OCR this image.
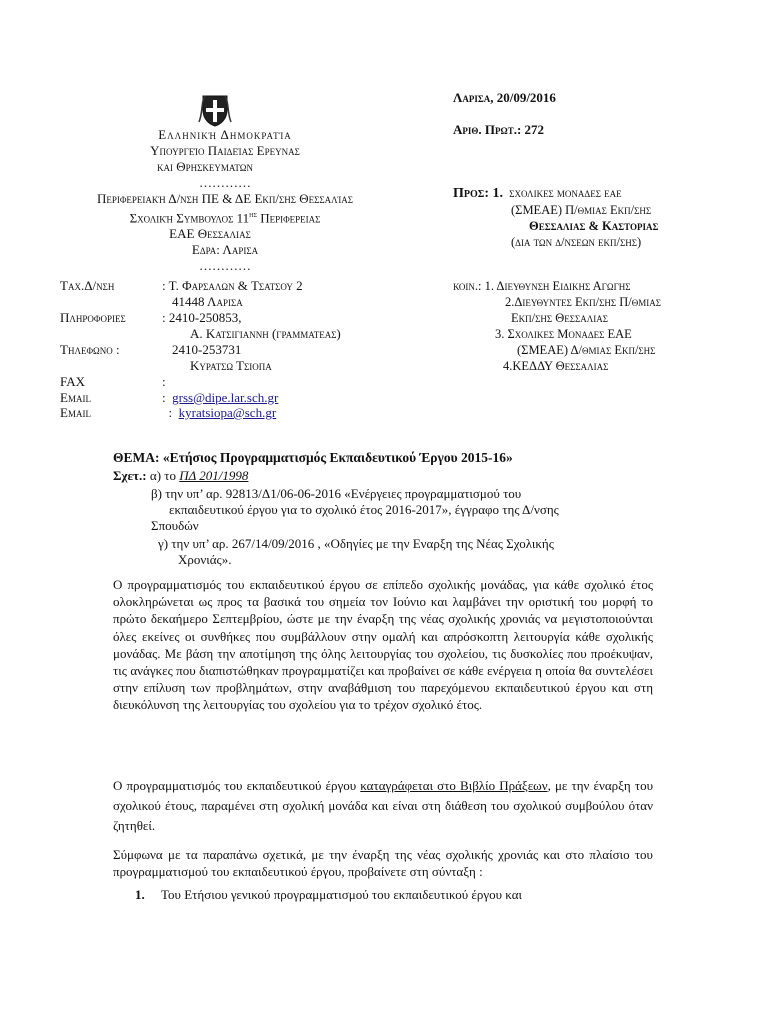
Ελληνική Δημοκρατία
Υπουργείο Παιδείας Ερευνας
και Θρησκευματων
…………
Περιφερειακή Δ/νση ΠΕ & ΔΕ Εκπ/σης Θεσσαλίας
Σχολική Συμβουλος $11^{\eta\varsigma}$ Περιφερειας
ΕΑΕ Θεσσαλιας
Εδρα: Λαρισα
…………
Λαρισα, 20/09/2016
Αριθ. Πρωτ.: 272
Προς: 1. σχολικες μοναδες εαε
(ΣΜΕΑΕ) Π/θμιας Εκπ/σης
Θεσσαλιας & Καστοριας
(δια των δ/νσεων εκπ/σης)
κοιν.: 1. Διευθυνση Ειδικης Αγωγης
2.Διευθυντες Εκπ/σης Π/θμιας
Εκπ/σης Θεσσαλιας
3. Σχολικες Μοναδες ΕΑΕ
(ΣΜΕΑΕ) Δ/θμιας Εκπ/σης
4.ΚΕΔΔΥ Θεσσαλιας
Ταχ.Δ/νση	: Τ. Φαρσαλων & Τσατσου 2
41448 Λαρισα
Πληροφοριες	: 2410-250853,
Α. Κατσιγιαννη (γραμματεας)
Τηλεφωνο :	2410-253731
Κυρατσω Τσιοπα
FAX	:
Email	:  grss@dipe.lar.sch.gr
Email	:  kyratsiopa@sch.gr
ΘΕΜΑ: «Ετήσιος Προγραμματισμός Εκπαιδευτικού Έργου 2015-16»
Σχετ.: α) το ΠΔ 201/1998
β) την υπ’ αρ. 92813/Δ1/06-06-2016 «Ενέργειες προγραμματισμού του
εκπαιδευτικού έργου για το σχολικό έτος 2016-2017», έγγραφο της Δ/νσης
Σπουδών
γ) την υπ’ αρ. 267/14/09/2016 , «Οδηγίες με την Εναρξη της Νέας Σχολικής
Χρονιάς».
Ο προγραμματισμός του εκπαιδευτικού έργου σε επίπεδο σχολικής μονάδας, για κάθε σχολικό έτος ολοκληρώνεται ως προς τα βασικά του σημεία τον Ιούνιο και λαμβάνει την οριστική του μορφή το πρώτο δεκαήμερο Σεπτεμβρίου, ώστε με την έναρξη της νέας σχολικής χρονιάς να μεγιστοποιούνται όλες εκείνες οι συνθήκες που συμβάλλουν στην ομαλή και απρόσκοπτη λειτουργία κάθε σχολικής μονάδας. Με βάση την αποτίμηση της όλης λειτουργίας του σχολείου, τις δυσκολίες που προέκυψαν, τις ανάγκες που διαπιστώθηκαν προγραμματίζει και προβαίνει σε κάθε ενέργεια η οποία θα συντελέσει στην επίλυση των προβλημάτων, στην αναβάθμιση του παρεχόμενου εκπαιδευτικού έργου και στη διευκόλυνση της λειτουργίας του σχολείου για το τρέχον σχολικό έτος.
Ο προγραμματισμός του εκπαιδευτικού έργου καταγράφεται στο Βιβλίο Πράξεων, με την έναρξη του σχολικού έτους, παραμένει στη σχολική μονάδα και είναι στη διάθεση του σχολικού συμβούλου όταν ζητηθεί.
Σύμφωνα με τα παραπάνω σχετικά, με την έναρξη της νέας σχολικής χρονιάς και στο πλαίσιο του προγραμματισμού του εκπαιδευτικού έργου, προβαίνετε στη σύνταξη :
1. Του Ετήσιου γενικού προγραμματισμού του εκπαιδευτικού έργου και
